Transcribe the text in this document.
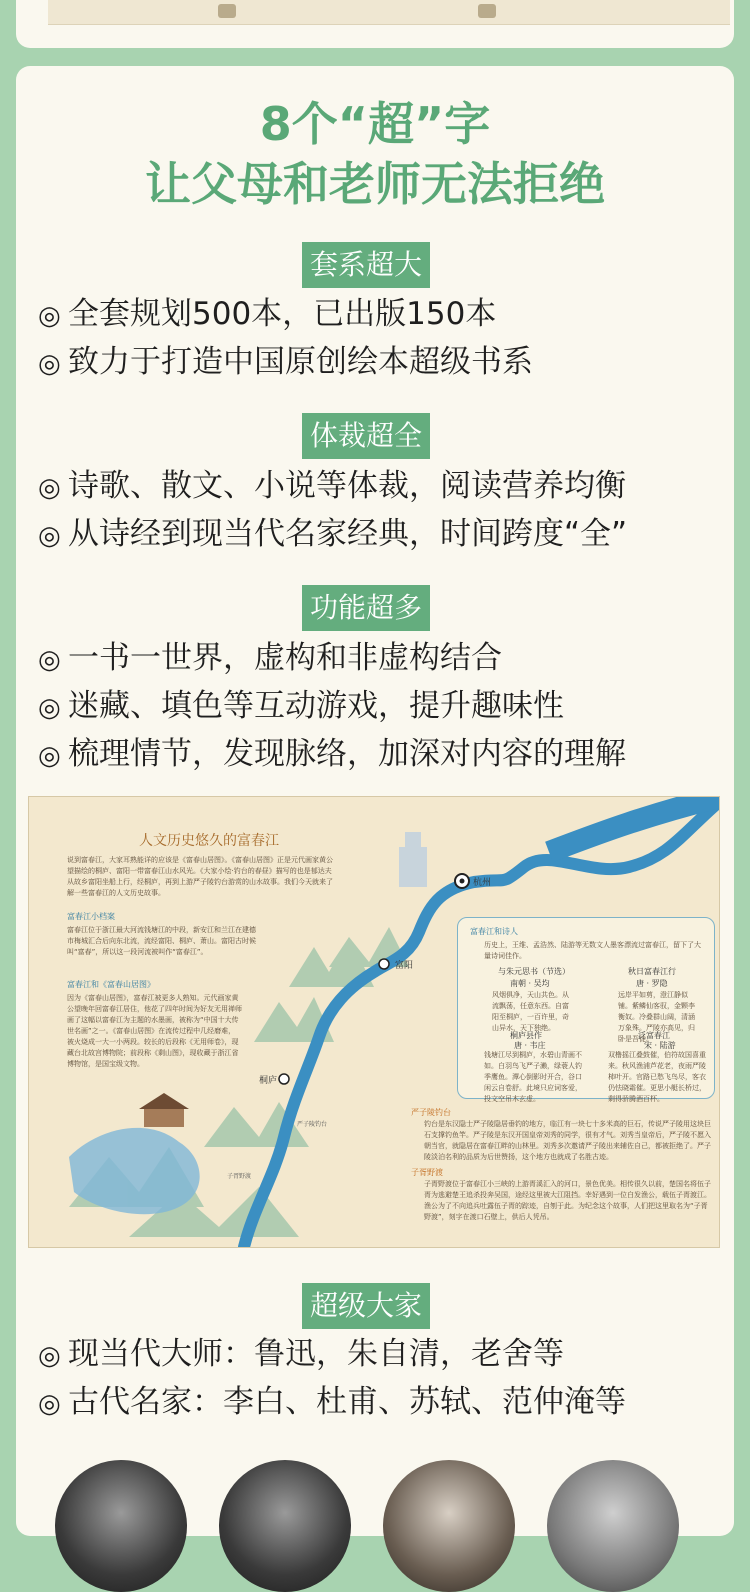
8个“超”字
让父母和老师无法拒绝
套系超大
◎ 全套规划500本，已出版150本
◎ 致力于打造中国原创绘本超级书系
体裁超全
◎ 诗歌、散文、小说等体裁，阅读营养均衡
◎ 从诗经到现当代名家经典，时间跨度“全”
功能超多
◎ 一书一世界，虚构和非虚构结合
◎ 迷藏、填色等互动游戏，提升趣味性
◎ 梳理情节，发现脉络，加深对内容的理解
人文历史悠久的富春江
说到富春江，大家耳熟能详的应该是《富春山居图》。《富春山居图》正是元代画家黄公望描绘的桐庐、富阳一带富春江山水风光。《大家小绘·钓台的春昼》描写的也是郁达夫从故乡富阳坐船上行，经桐庐，再到上游严子陵钓台游赏的山水故事。我们今天就来了解一些富春江的人文历史故事。
富春江小档案
富春江位于浙江最大河流钱塘江的中段，新安江和兰江在建德市梅城汇合后向东北流，流经富阳、桐庐、萧山。富阳古时候叫“富春”，所以这一段河流被叫作“富春江”。
富春江和《富春山居图》
因为《富春山居图》，富春江被更多人熟知。元代画家黄公望晚年回富春江居住，他花了四年时间为好友无用禅师画了这幅以富春江为主题的水墨画，被称为“中国十大传世名画”之一。《富春山居图》在流传过程中几经磨难，被火烧成一大一小两段。较长的后段称《无用师卷》，现藏台北故宫博物院；前段称《剩山图》，现收藏于浙江省博物馆，是国宝级文物。
杭州
富阳
桐庐
富春江和诗人
历史上，王维、孟浩然、陆游等无数文人墨客漂流过富春江，留下了大量诗词佳作。
与朱元思书（节选）
南朝 · 吴均
风烟俱净，天山共色。从流飘荡，任意东西。自富阳至桐庐，一百许里，奇山异水，天下独绝。
秋日富春江行
唐 · 罗隐
远岸平如剪，澄江静似铺。紫鳞仙客驭，金颗李衡奴。冷叠群山阔，清涵万象殊。严陵亦高见，归卧是吾徒。
桐庐县作
唐 · 韦庄
钱塘江尽到桐庐，水碧山青画不如。白羽鸟飞严子濑，绿蓑人钓季鹰鱼。潭心倒影时开合，谷口闲云自卷舒。此境只应词客爱，投文空吊木玄虚。
泛富春江
宋 · 陆游
双橹摇江叠鼓催，伯符故国喜重来。秋风渔浦芦花老，夜雨严陵柿叶开。官路已愁飞鸟尽，客衣仍怯晓霜催。更思小艇长桥过，剩得骄腾酒百杯。
严子陵钓台
钓台是东汉隐士严子陵隐居垂钓的地方，临江有一块七十多米高的巨石，传说严子陵用这块巨石支撑钓鱼竿。严子陵是东汉开国皇帝刘秀的同学，很有才气。刘秀当皇帝后，严子陵不愿入朝当官，就隐居在富春江畔的山林里。刘秀多次邀请严子陵出来辅佐自己，都被拒绝了。严子陵淡泊名利的品质为后世赞扬，这个地方也就成了名胜古迹。
子胥野渡
子胥野渡位于富春江小三峡的上游胥溪汇入的河口，景色优美。相传很久以前，楚国名将伍子胥为逃避楚王追杀投奔吴国，途经这里被大江阻挡。幸好遇到一位白发渔公，载伍子胥渡江。渔公为了不向追兵吐露伍子胥的踪迹，自刎于此。为纪念这个故事，人们把这里取名为“子胥野渡”，刻字在渡口石壁上，供后人凭吊。
严子陵钓台
子胥野渡
超级大家
◎ 现当代大师：鲁迅，朱自清，老舍等
◎ 古代名家：李白、杜甫、苏轼、范仲淹等
